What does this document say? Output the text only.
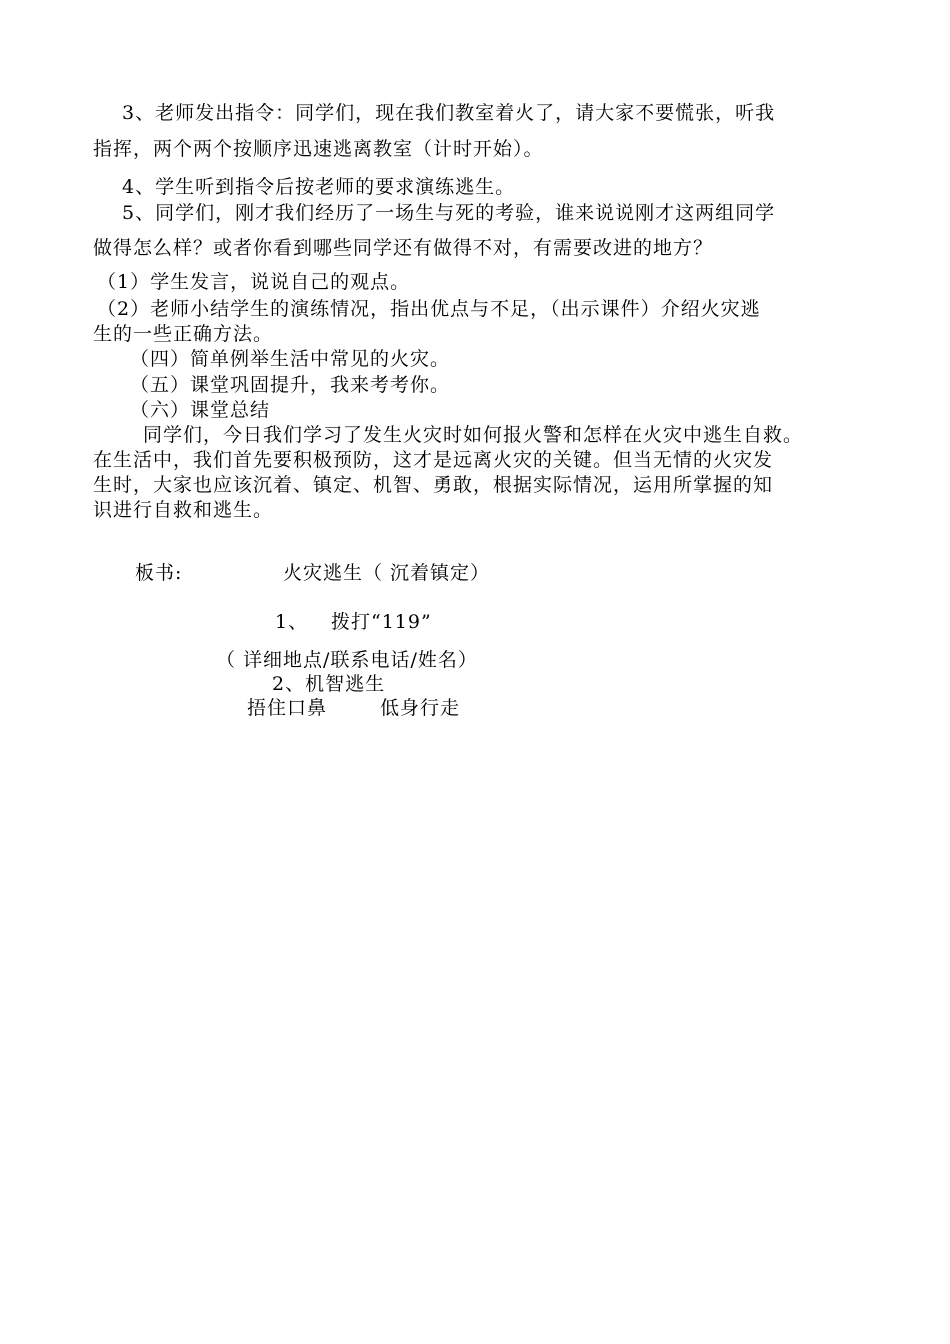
3、老师发出指令：同学们，现在我们教室着火了，请大家不要慌张，听我
指挥，两个两个按顺序迅速逃离教室（计时开始）。
4、学生听到指令后按老师的要求演练逃生。
5、同学们，刚才我们经历了一场生与死的考验，谁来说说刚才这两组同学
做得怎么样？或者你看到哪些同学还有做得不对，有需要改进的地方？
（1）学生发言，说说自己的观点。
（2）老师小结学生的演练情况，指出优点与不足，（出示课件）介绍火灾逃
生的一些正确方法。
（四）简单例举生活中常见的火灾。
（五）课堂巩固提升，我来考考你。
（六）课堂总结
同学们，今日我们学习了发生火灾时如何报火警和怎样在火灾中逃生自救。
在生活中，我们首先要积极预防，这才是远离火灾的关键。但当无情的火灾发
生时，大家也应该沉着、镇定、机智、勇敢，根据实际情况，运用所掌握的知
识进行自救和逃生。
板书:	火灾逃生（ 沉着镇定）
1、 拨打“119”
（ 详细地点/联系电话/姓名）
2、机智逃生
捂住口鼻	低身行走
